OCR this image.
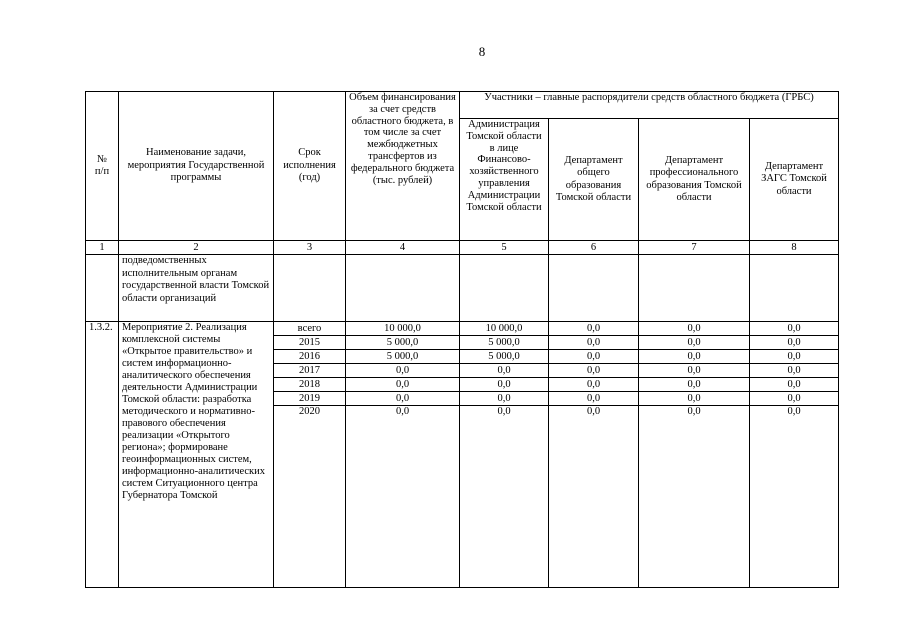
8
№
п/п	Наименование задачи, мероприятия Государственной программы	Срок исполнения (год)	Объем финансирования за счет средств областного бюджета, в том числе за счет межбюджетных трансфертов из федерального бюджета (тыс. рублей)	Участники – главные распорядители средств областного бюджета (ГРБС)			
				Администрация Томской области в лице Финансово-хозяйственного управления Администрации Томской области	Департамент общего образования Томской области	Департамент профессионального образования Томской области	Департамент ЗАГС Томской области
1	2	3	4	5	6	7	8
	подведомственных исполнительным органам государственной власти Томской области организаций						
1.3.2.	Мероприятие 2. Реализация комплексной системы «Открытое правительство» и систем информационно-аналитического обеспечения деятельности Администрации Томской области: разработка методического и нормативно-правового обеспечения реализации «Открытого региона»; формироване геоинформационных систем, информационно-аналитических систем Ситуационного центра Губернатора Томской	всего	10 000,0	10 000,0	0,0	0,0	0,0
		2015	5 000,0	5 000,0	0,0	0,0	0,0
		2016	5 000,0	5 000,0	0,0	0,0	0,0
		2017	0,0	0,0	0,0	0,0	0,0
		2018	0,0	0,0	0,0	0,0	0,0
		2019	0,0	0,0	0,0	0,0	0,0
		2020	0,0	0,0	0,0	0,0	0,0
